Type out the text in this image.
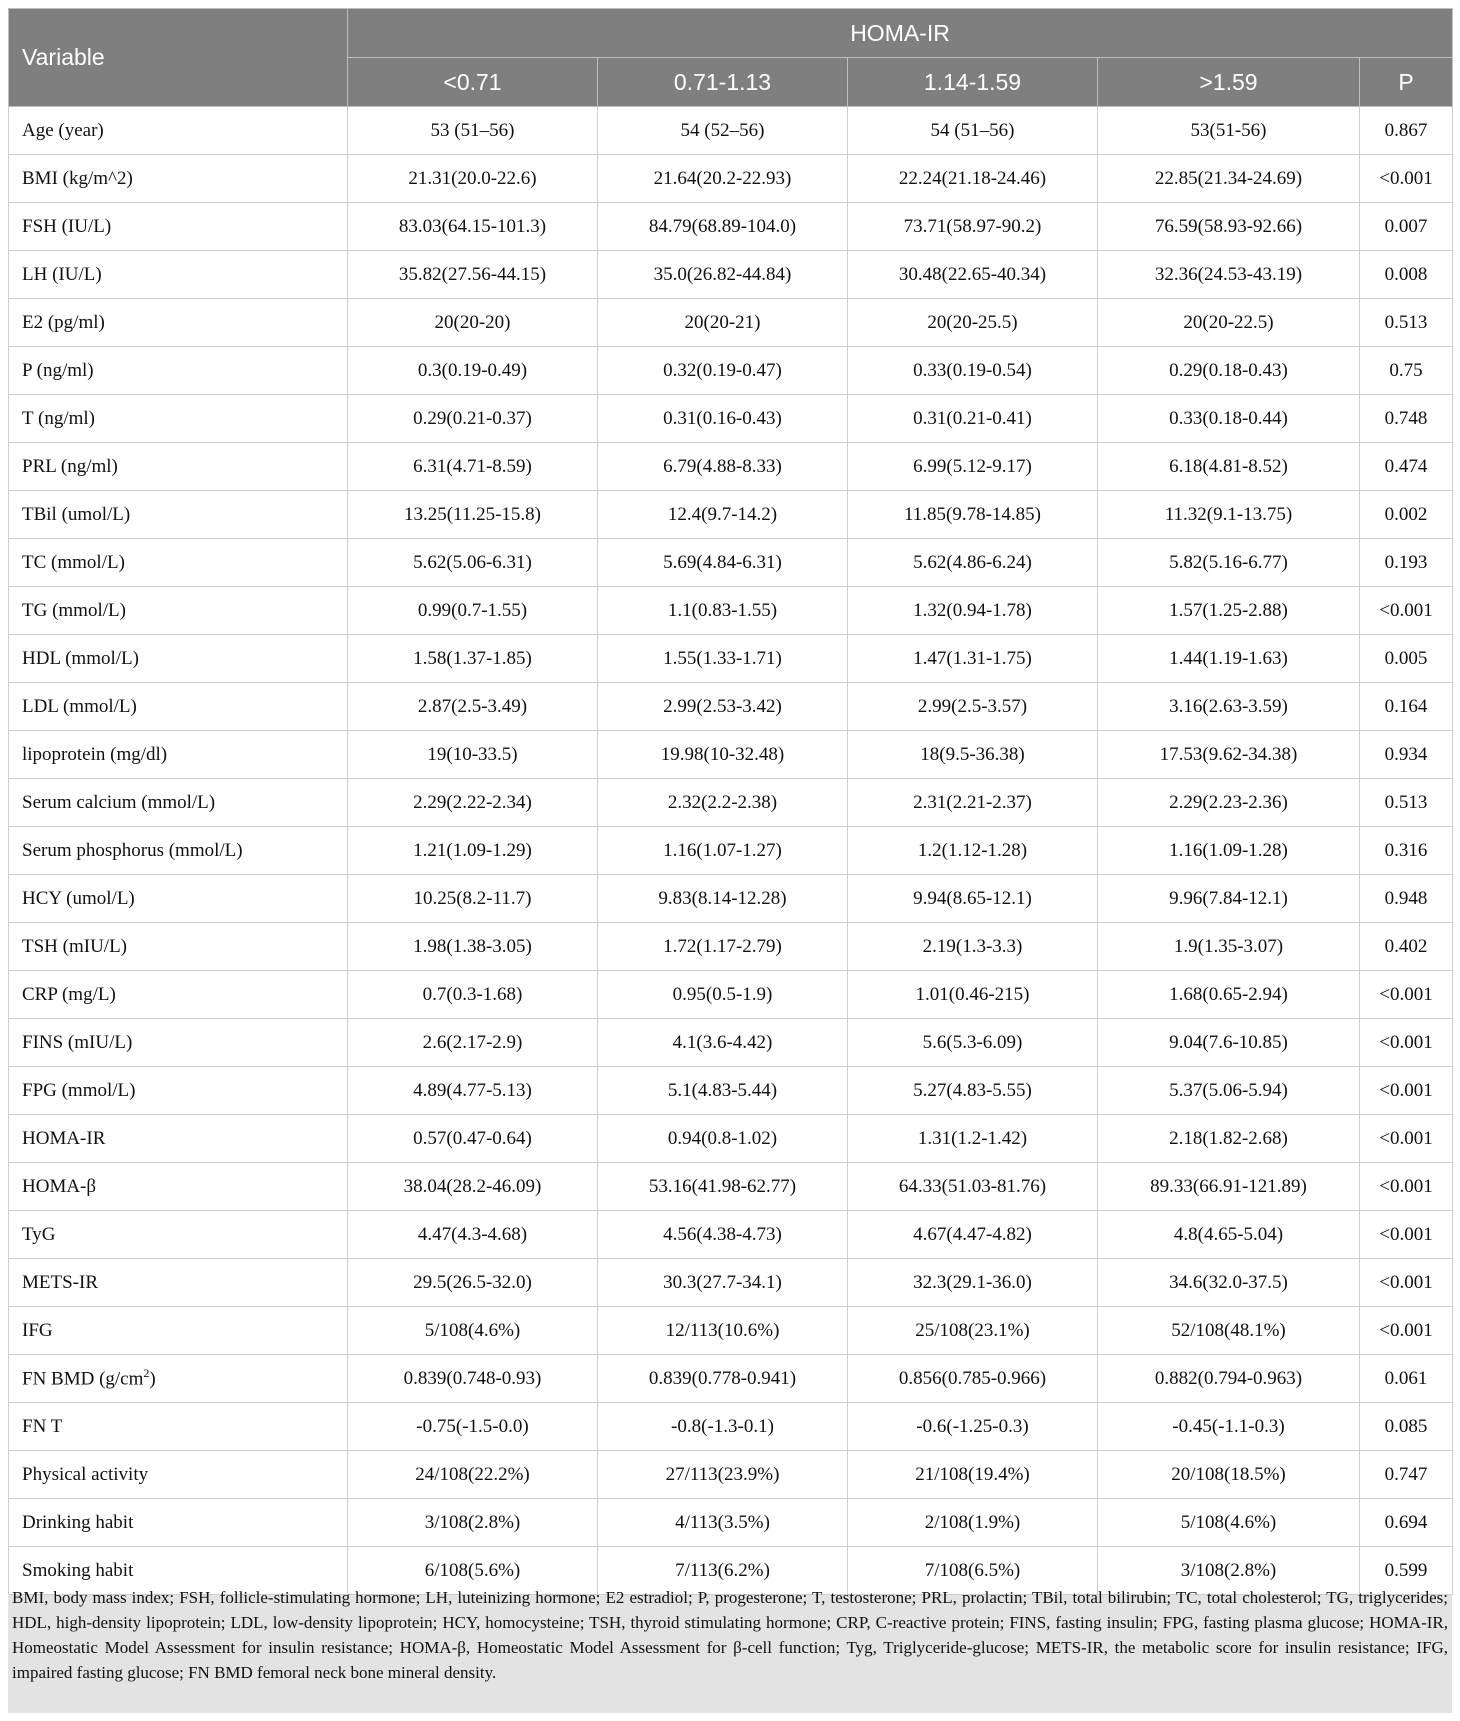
Variable	HOMA-IR				
	<0.71	0.71-1.13	1.14-1.59	>1.59	P
Age (year)	53 (51–56)	54 (52–56)	54 (51–56)	53(51-56)	0.867
BMI (kg/m^2)	21.31(20.0-22.6)	21.64(20.2-22.93)	22.24(21.18-24.46)	22.85(21.34-24.69)	<0.001
FSH (IU/L)	83.03(64.15-101.3)	84.79(68.89-104.0)	73.71(58.97-90.2)	76.59(58.93-92.66)	0.007
LH (IU/L)	35.82(27.56-44.15)	35.0(26.82-44.84)	30.48(22.65-40.34)	32.36(24.53-43.19)	0.008
E2 (pg/ml)	20(20-20)	20(20-21)	20(20-25.5)	20(20-22.5)	0.513
P (ng/ml)	0.3(0.19-0.49)	0.32(0.19-0.47)	0.33(0.19-0.54)	0.29(0.18-0.43)	0.75
T (ng/ml)	0.29(0.21-0.37)	0.31(0.16-0.43)	0.31(0.21-0.41)	0.33(0.18-0.44)	0.748
PRL (ng/ml)	6.31(4.71-8.59)	6.79(4.88-8.33)	6.99(5.12-9.17)	6.18(4.81-8.52)	0.474
TBil (umol/L)	13.25(11.25-15.8)	12.4(9.7-14.2)	11.85(9.78-14.85)	11.32(9.1-13.75)	0.002
TC (mmol/L)	5.62(5.06-6.31)	5.69(4.84-6.31)	5.62(4.86-6.24)	5.82(5.16-6.77)	0.193
TG (mmol/L)	0.99(0.7-1.55)	1.1(0.83-1.55)	1.32(0.94-1.78)	1.57(1.25-2.88)	<0.001
HDL (mmol/L)	1.58(1.37-1.85)	1.55(1.33-1.71)	1.47(1.31-1.75)	1.44(1.19-1.63)	0.005
LDL (mmol/L)	2.87(2.5-3.49)	2.99(2.53-3.42)	2.99(2.5-3.57)	3.16(2.63-3.59)	0.164
lipoprotein (mg/dl)	19(10-33.5)	19.98(10-32.48)	18(9.5-36.38)	17.53(9.62-34.38)	0.934
Serum calcium (mmol/L)	2.29(2.22-2.34)	2.32(2.2-2.38)	2.31(2.21-2.37)	2.29(2.23-2.36)	0.513
Serum phosphorus (mmol/L)	1.21(1.09-1.29)	1.16(1.07-1.27)	1.2(1.12-1.28)	1.16(1.09-1.28)	0.316
HCY (umol/L)	10.25(8.2-11.7)	9.83(8.14-12.28)	9.94(8.65-12.1)	9.96(7.84-12.1)	0.948
TSH (mIU/L)	1.98(1.38-3.05)	1.72(1.17-2.79)	2.19(1.3-3.3)	1.9(1.35-3.07)	0.402
CRP (mg/L)	0.7(0.3-1.68)	0.95(0.5-1.9)	1.01(0.46-215)	1.68(0.65-2.94)	<0.001
FINS (mIU/L)	2.6(2.17-2.9)	4.1(3.6-4.42)	5.6(5.3-6.09)	9.04(7.6-10.85)	<0.001
FPG (mmol/L)	4.89(4.77-5.13)	5.1(4.83-5.44)	5.27(4.83-5.55)	5.37(5.06-5.94)	<0.001
HOMA-IR	0.57(0.47-0.64)	0.94(0.8-1.02)	1.31(1.2-1.42)	2.18(1.82-2.68)	<0.001
HOMA-β	38.04(28.2-46.09)	53.16(41.98-62.77)	64.33(51.03-81.76)	89.33(66.91-121.89)	<0.001
TyG	4.47(4.3-4.68)	4.56(4.38-4.73)	4.67(4.47-4.82)	4.8(4.65-5.04)	<0.001
METS-IR	29.5(26.5-32.0)	30.3(27.7-34.1)	32.3(29.1-36.0)	34.6(32.0-37.5)	<0.001
IFG	5/108(4.6%)	12/113(10.6%)	25/108(23.1%)	52/108(48.1%)	<0.001
FN BMD $(g/cm^2)$	0.839(0.748-0.93)	0.839(0.778-0.941)	0.856(0.785-0.966)	0.882(0.794-0.963)	0.061
FN T	-0.75(-1.5-0.0)	-0.8(-1.3-0.1)	-0.6(-1.25-0.3)	-0.45(-1.1-0.3)	0.085
Physical activity	24/108(22.2%)	27/113(23.9%)	21/108(19.4%)	20/108(18.5%)	0.747
Drinking habit	3/108(2.8%)	4/113(3.5%)	2/108(1.9%)	5/108(4.6%)	0.694
Smoking habit	6/108(5.6%)	7/113(6.2%)	7/108(6.5%)	3/108(2.8%)	0.599
BMI, body mass index; FSH, follicle-stimulating hormone; LH, luteinizing hormone; E2 estradiol; P, progesterone; T, testosterone; PRL, prolactin; TBil, total bilirubin; TC, total cholesterol; TG, triglycerides; HDL, high-density lipoprotein; LDL, low-density lipoprotein; HCY, homocysteine; TSH, thyroid stimulating hormone; CRP, C-reactive protein; FINS, fasting insulin; FPG, fasting plasma glucose; HOMA-IR, Homeostatic Model Assessment for insulin resistance; HOMA-β, Homeostatic Model Assessment for β-cell function; Tyg, Triglyceride-glucose; METS-IR, the metabolic score for insulin resistance; IFG, impaired fasting glucose; FN BMD femoral neck bone mineral density.
